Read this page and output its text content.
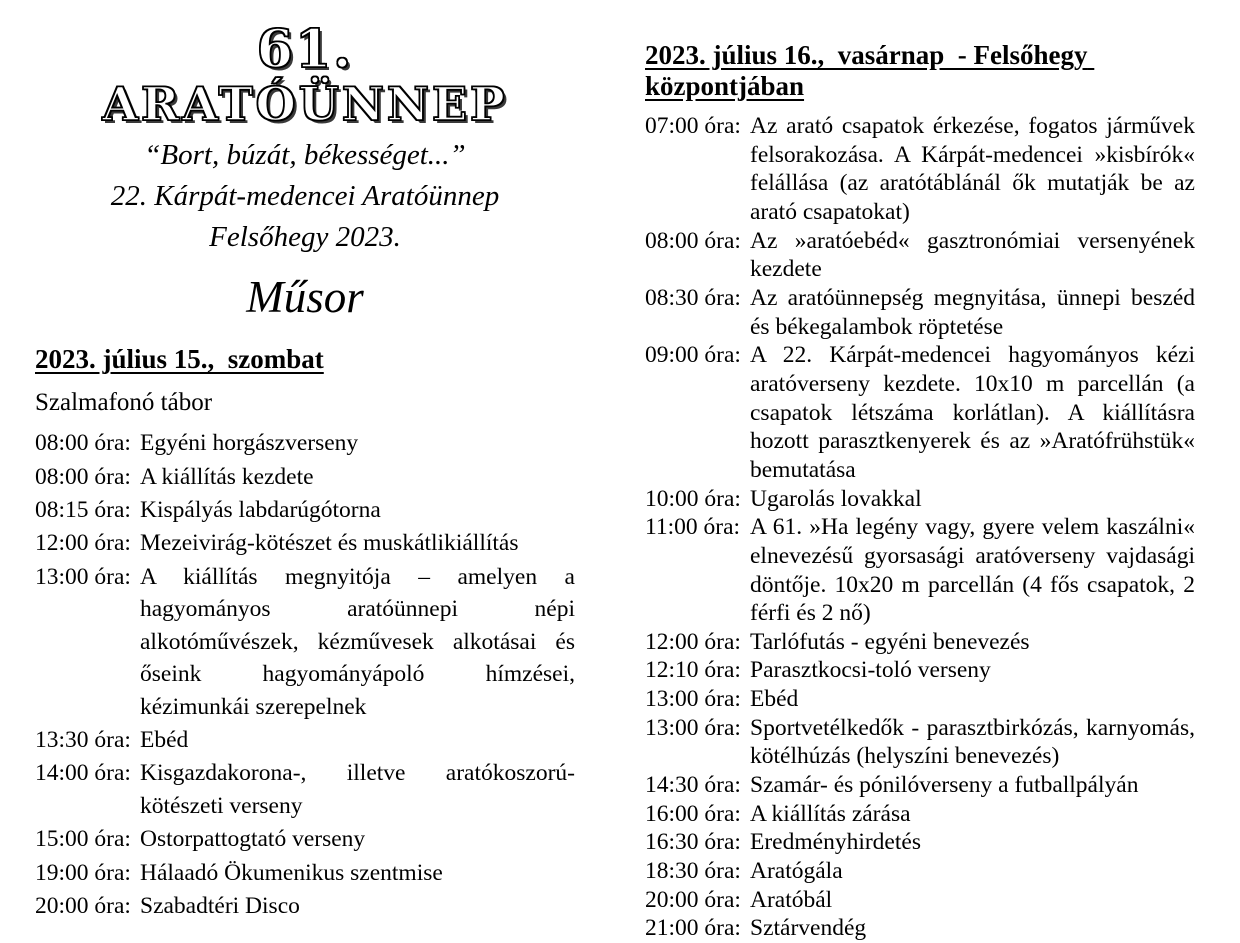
61.
ARATÓÜNNEP
“Bort, búzát, békességet...”
22. Kárpát-medencei Aratóünnep
Felsőhegy 2023.
Műsor
2023. július 15.,  szombat
Szalmafonó tábor
08:00 óra: Egyéni horgászverseny
08:00 óra: A kiállítás kezdete
08:15 óra: Kispályás labdarúgótorna
12:00 óra: Mezeivirág-kötészet és muskátlikiállítás
13:00 óra: A kiállítás megnyitója – amelyen a hagyományos aratóünnepi népi alkotóművészek, kézművesek alkotásai és őseink hagyományápoló hímzései, kézimunkái szerepelnek
13:30 óra: Ebéd
14:00 óra: Kisgazdakorona-, illetve aratókoszorú-kötészeti verseny
15:00 óra: Ostorpattogtató verseny
19:00 óra: Hálaadó Ökumenikus szentmise
20:00 óra: Szabadtéri Disco
2023. július 16.,  vasárnap  - Felsőhegy központjában
07:00 óra: Az arató csapatok érkezése, fogatos járművek felsorakozása. A Kárpát-medencei »kisbírók« felállása (az aratótáblánál ők mutatják be az arató csapatokat)
08:00 óra: Az »aratóebéd« gasztronómiai versenyének kezdete
08:30 óra: Az aratóünnepség megnyitása, ünnepi beszéd és békegalambok röptetése
09:00 óra: A 22. Kárpát-medencei hagyományos kézi aratóverseny kezdete. 10x10 m parcellán (a csapatok létszáma korlátlan). A kiállításra hozott parasztkenyerek és az »Aratófrühstük« bemutatása
10:00 óra: Ugarolás lovakkal
11:00 óra: A 61. »Ha legény vagy, gyere velem kaszálni« elnevezésű gyorsasági aratóverseny vajdasági döntője. 10x20 m parcellán (4 fős csapatok, 2 férfi és 2 nő)
12:00 óra: Tarlófutás - egyéni benevezés
12:10 óra: Parasztkocsi-toló verseny
13:00 óra: Ebéd
13:00 óra: Sportvetélkedők - parasztbirkózás, karnyomás, kötélhúzás (helyszíni benevezés)
14:30 óra: Szamár- és pónilóverseny a futballpályán
16:00 óra: A kiállítás zárása
16:30 óra: Eredményhirdetés
18:30 óra: Aratógála
20:00 óra: Aratóbál
21:00 óra: Sztárvendég
